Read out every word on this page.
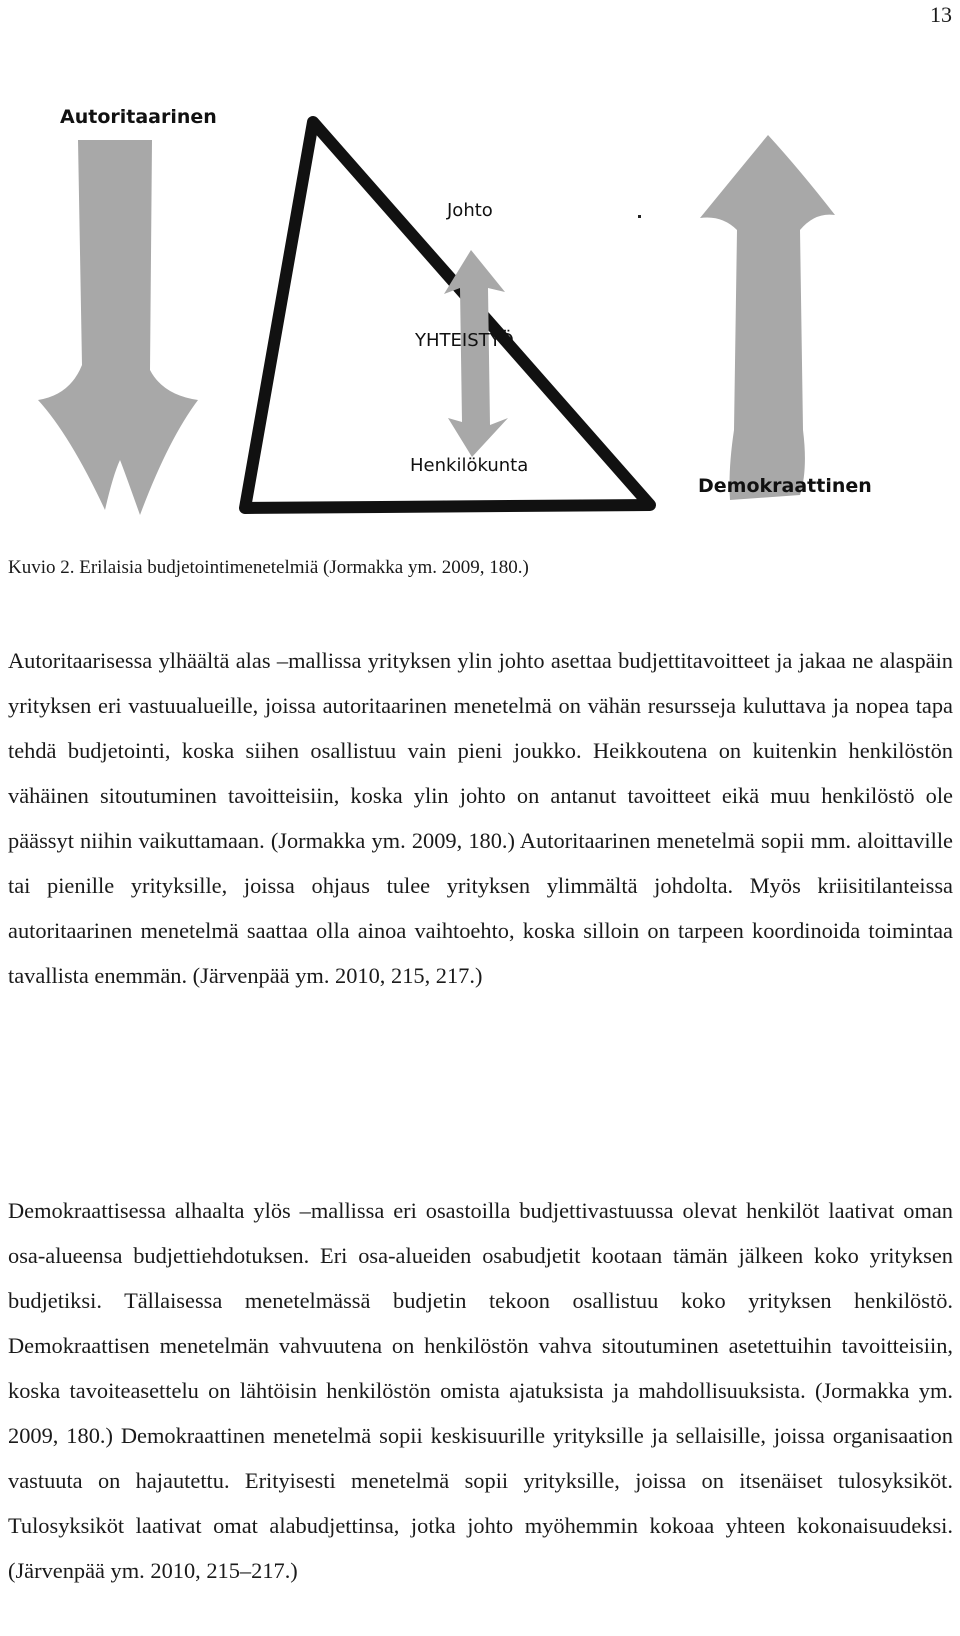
13
Autoritaarinen
Johto
YHTEISTYÖ
Henkilökunta
Demokraattinen
Kuvio 2. Erilaisia budjetointimenetelmiä (Jormakka ym. 2009, 180.)

Autoritaarisessa ylhäältä alas –mallissa yrityksen ylin johto asettaa budjettitavoitteet ja jakaa ne alaspäin yrityksen eri vastuualueille, joissa autoritaarinen menetelmä on vähän resursseja kuluttava ja nopea tapa tehdä budjetointi, koska siihen osallistuu vain pieni joukko. Heikkoutena on kuitenkin henkilöstön vähäinen sitoutuminen tavoitteisiin, koska ylin johto on antanut tavoitteet eikä muu henkilöstö ole päässyt niihin vaikuttamaan. (Jormakka ym. 2009, 180.) Autoritaarinen menetelmä sopii mm. aloittaville tai pienille yrityksille, joissa ohjaus tulee yrityksen ylimmältä johdolta. Myös kriisitilanteissa autoritaarinen menetelmä saattaa olla ainoa vaihtoehto, koska silloin on tarpeen koordinoida toimintaa tavallista enemmän. (Järvenpää ym. 2010, 215, 217.)

Demokraattisessa alhaalta ylös –mallissa eri osastoilla budjettivastuussa olevat henkilöt laativat oman osa-alueensa budjettiehdotuksen. Eri osa-alueiden osabudjetit kootaan tämän jälkeen koko yrityksen budjetiksi. Tällaisessa menetelmässä budjetin tekoon osallistuu koko yrityksen henkilöstö. Demokraattisen menetelmän vahvuutena on henkilöstön vahva sitoutuminen asetettuihin tavoitteisiin, koska tavoiteasettelu on lähtöisin henkilöstön omista ajatuksista ja mahdollisuuksista. (Jormakka ym. 2009, 180.) Demokraattinen menetelmä sopii keskisuurille yrityksille ja sellaisille, joissa organisaation vastuuta on hajautettu. Erityisesti menetelmä sopii yrityksille, joissa on itsenäiset tulosyksiköt. Tulosyksiköt laativat omat alabudjettinsa, jotka johto myöhemmin kokoaa yhteen kokonaisuudeksi. (Järvenpää ym. 2010, 215–217.)
